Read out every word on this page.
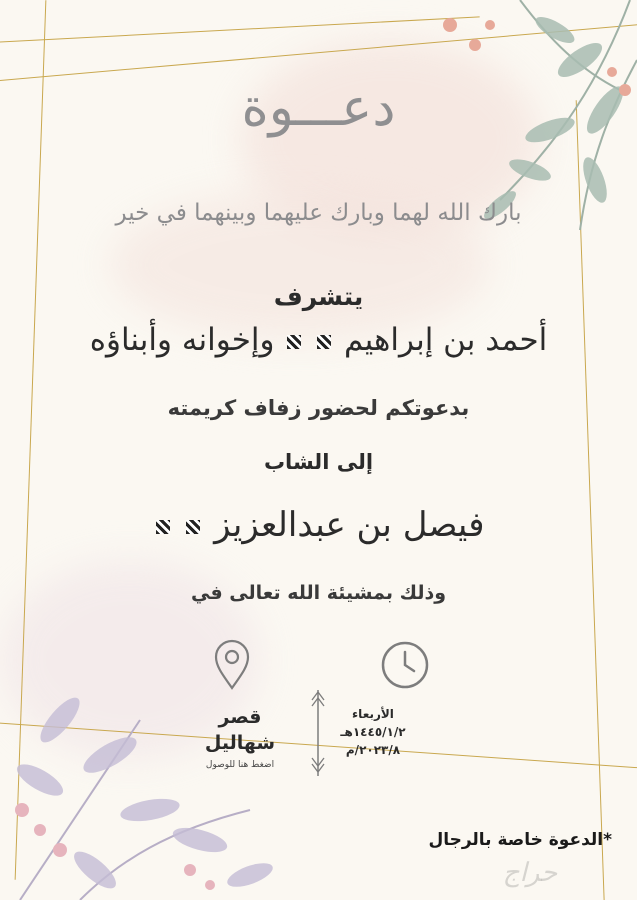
دعـــوة
بارك الله لهما وبارك عليهما وبينهما في خير
يتشرف
أحمد بن إبراهيم   وإخوانه وأبناؤه
بدعوتكم لحضور زفاف كريمته
إلى الشاب
فيصل بن عبدالعزيز
وذلك بمشيئة الله تعالى في
الأربعاء
١٤٤٥/١/٢هـ
٢٠٢٣/٨/م
قصر
شهاليل
اضغط هنا للوصول
*الدعوة خاصة بالرجال
حراج
